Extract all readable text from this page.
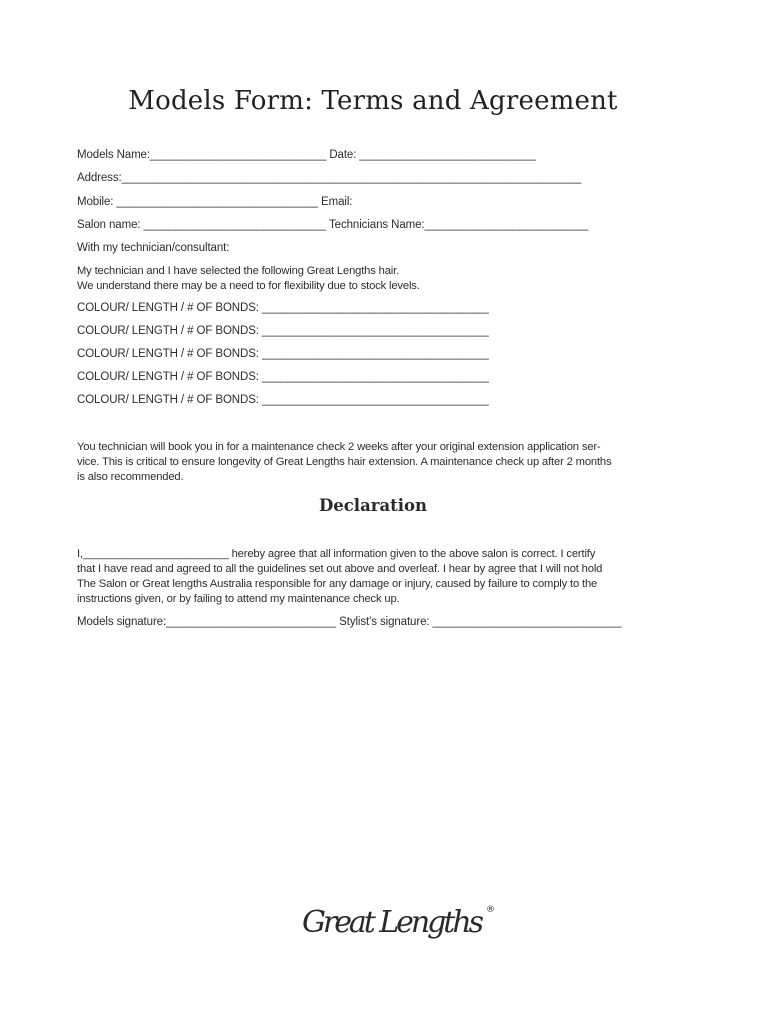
Models Form: Terms and Agreement
Models Name:____________________________ Date: ____________________________
Address:_________________________________________________________________________
Mobile: ________________________________ Email:
Salon name: _____________________________ Technicians Name:__________________________
With my technician/consultant:

My technician and I have selected the following Great Lengths hair.

We understand there may be a need to for flexibility due to stock levels.

COLOUR/ LENGTH / # OF BONDS: ____________________________________
COLOUR/ LENGTH / # OF BONDS: ____________________________________
COLOUR/ LENGTH / # OF BONDS: ____________________________________
COLOUR/ LENGTH / # OF BONDS: ____________________________________
COLOUR/ LENGTH / # OF BONDS: ____________________________________

You technician will book you in for a maintenance check 2 weeks after your original extension application ser-

vice. This is critical to ensure longevity of Great Lengths hair extension. A maintenance check up after 2 months

is also recommended.

Declaration

I,________________________ hereby agree that all information given to the above salon is correct. I certify

that I have read and agreed to all the guidelines set out above and overleaf. I hear by agree that I will not hold

The Salon or Great lengths Australia responsible for any damage or injury, caused by failure to comply to the

instructions given, or by failing to attend my maintenance check up.

Models signature:___________________________ Stylist's signature: ______________________________
Great Lengths ®
